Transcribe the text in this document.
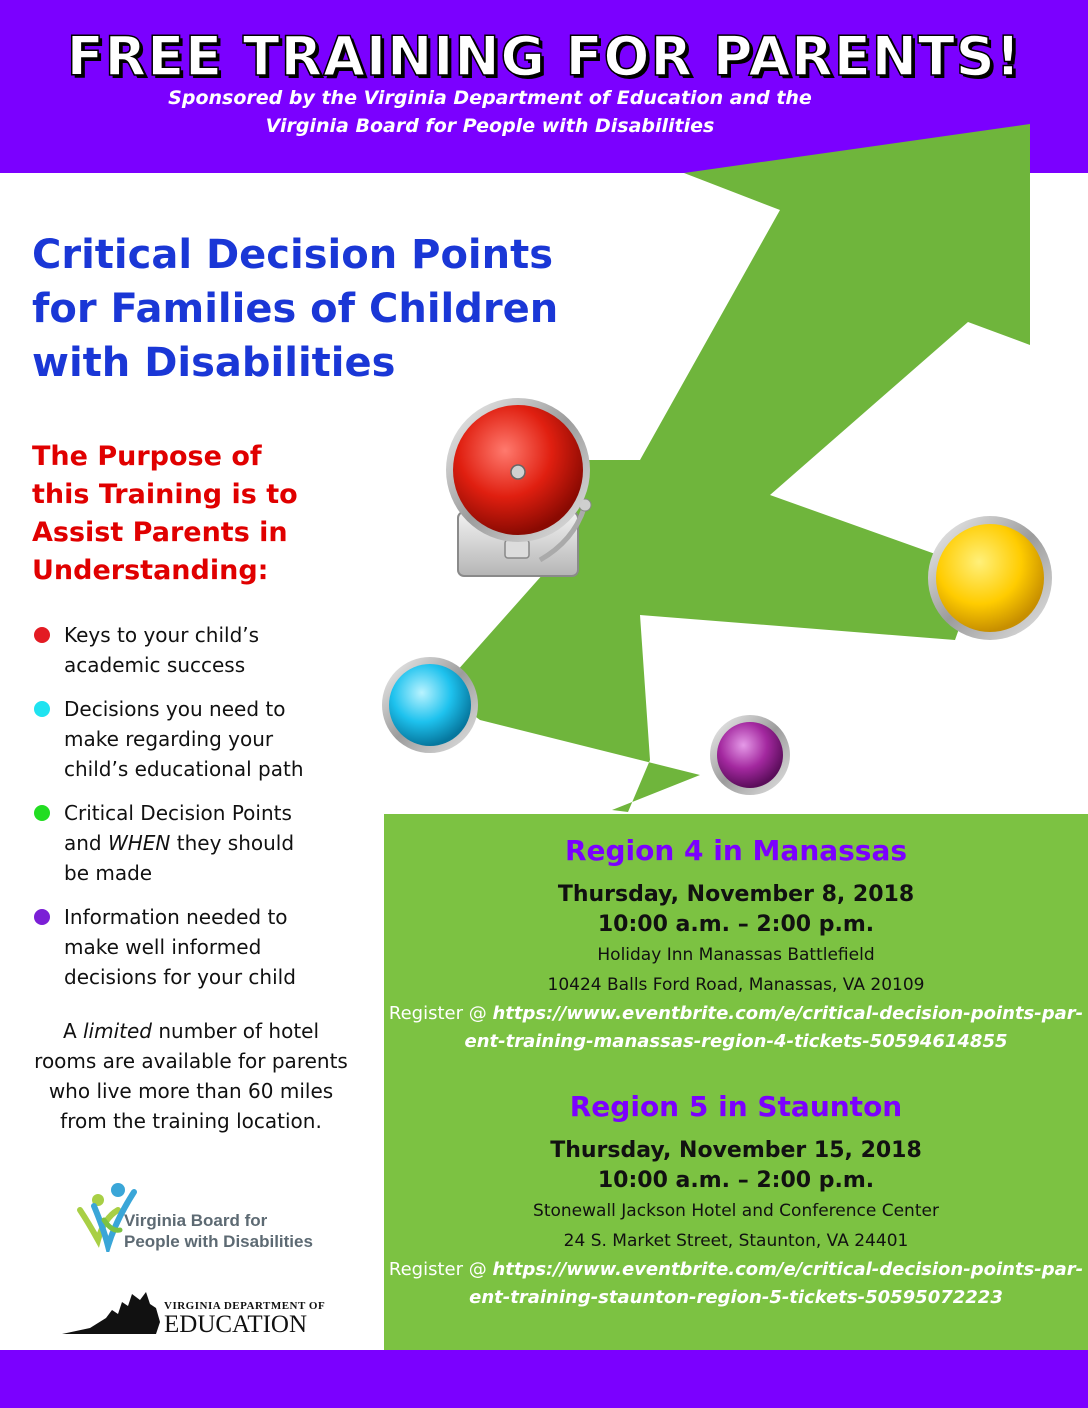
FREE TRAINING FOR PARENTS!
Sponsored by the Virginia Department of Education and the
Virginia Board for People with Disabilities
Critical Decision Points
for Families of Children
with Disabilities
The Purpose of
this Training is to
Assist Parents in
Understanding:
Keys to your child’s
academic success
Decisions you need to
make regarding your
child’s educational path
Critical Decision Points
and WHEN they should
be made
Information needed to
make well informed
decisions for your child
A limited number of hotel
rooms are available for parents
who live more than 60 miles
from the training location.
Virginia Board for
People with Disabilities
VIRGINIA DEPARTMENT OF
EDUCATION
Region 4 in Manassas
Thursday, November 8, 2018
10:00 a.m. – 2:00 p.m.
Holiday Inn Manassas Battlefield
10424 Balls Ford Road, Manassas, VA 20109
Register @ https://www.eventbrite.com/e/critical-decision-points-par-
ent-training-manassas-region-4-tickets-50594614855
Region 5 in Staunton
Thursday, November 15, 2018
10:00 a.m. – 2:00 p.m.
Stonewall Jackson Hotel and Conference Center
24 S. Market Street, Staunton, VA 24401
Register @ https://www.eventbrite.com/e/critical-decision-points-par-
ent-training-staunton-region-5-tickets-50595072223
